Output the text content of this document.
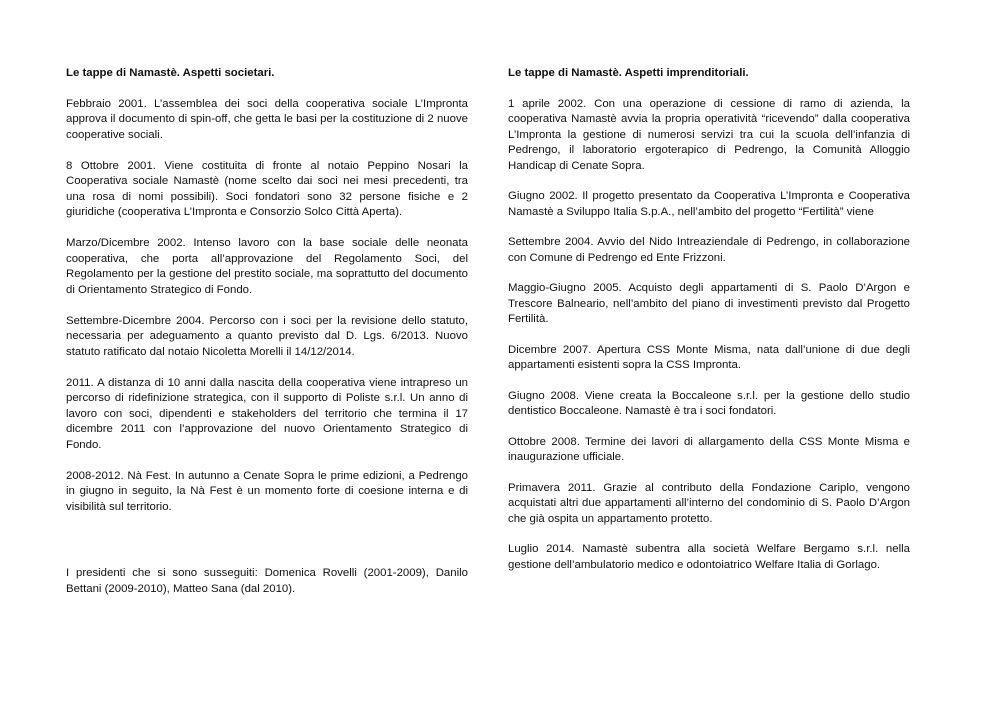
Le tappe di Namastè. Aspetti societari.

Febbraio 2001. L’assemblea dei soci della cooperativa sociale L’Impronta approva il documento di spin-off, che getta le basi per la costituzione di 2 nuove cooperative sociali.

8 Ottobre 2001. Viene costituita di fronte al notaio Peppino Nosari la Cooperativa sociale Namastè (nome scelto dai soci nei mesi precedenti, tra una rosa di nomi possibili). Soci fondatori sono 32 persone fisiche e 2 giuridiche (cooperativa L’Impronta e Consorzio Solco Città Aperta).

Marzo/Dicembre 2002. Intenso lavoro con la base sociale delle neonata cooperativa, che porta all’approvazione del Regolamento Soci, del Regolamento per la gestione del prestito sociale, ma soprattutto del documento di Orientamento Strategico di Fondo.

Settembre-Dicembre 2004. Percorso con i soci per la revisione dello statuto, necessaria per adeguamento a quanto previsto dal D. Lgs. 6/2013. Nuovo statuto ratificato dal notaio Nicoletta Morelli il 14/12/2014.

2011. A distanza di 10 anni dalla nascita della cooperativa viene intrapreso un percorso di ridefinizione strategica, con il supporto di Poliste s.r.l. Un anno di lavoro con soci, dipendenti e stakeholders del territorio che termina il 17 dicembre 2011 con l’approvazione del nuovo Orientamento Strategico di Fondo.

2008-2012. Nà Fest. In autunno a Cenate Sopra le prime edizioni, a Pedrengo in giugno in seguito, la Nà Fest è un momento forte di coesione interna e di visibilità sul territorio.

I presidenti che si sono susseguiti: Domenica Rovelli (2001-2009), Danilo Bettani (2009-2010), Matteo Sana (dal 2010).

Le tappe di Namastè. Aspetti imprenditoriali.

1 aprile 2002. Con una operazione di cessione di ramo di azienda, la cooperativa Namastè avvia la propria operatività “ricevendo” dalla cooperativa L’Impronta la gestione di numerosi servizi tra cui la scuola dell’infanzia di Pedrengo, il laboratorio ergoterapico di Pedrengo, la Comunità Alloggio Handicap di Cenate Sopra.

Giugno 2002. Il progetto presentato da Cooperativa L’Impronta e Cooperativa Namastè a Sviluppo Italia S.p.A., nell’ambito del progetto “Fertilità” viene

Settembre 2004. Avvio del Nido Intreaziendale di Pedrengo, in collaborazione con Comune di Pedrengo ed Ente Frizzoni.

Maggio-Giugno 2005. Acquisto degli appartamenti di S. Paolo D’Argon e Trescore Balneario, nell’ambito del piano di investimenti previsto dal Progetto Fertilità.

Dicembre 2007. Apertura CSS Monte Misma, nata dall’unione di due degli appartamenti esistenti sopra la CSS Impronta.

Giugno 2008. Viene creata la Boccaleone s.r.l. per la gestione dello studio dentistico Boccaleone. Namastè è tra i soci fondatori.

Ottobre 2008. Termine dei lavori di allargamento della CSS Monte Misma e inaugurazione ufficiale.

Primavera 2011. Grazie al contributo della Fondazione Cariplo, vengono acquistati altri due appartamenti all’interno del condominio di S. Paolo D’Argon che già ospita un appartamento protetto.

Luglio 2014. Namastè subentra alla società Welfare Bergamo s.r.l. nella gestione dell’ambulatorio medico e odontoiatrico Welfare Italia di Gorlago.
